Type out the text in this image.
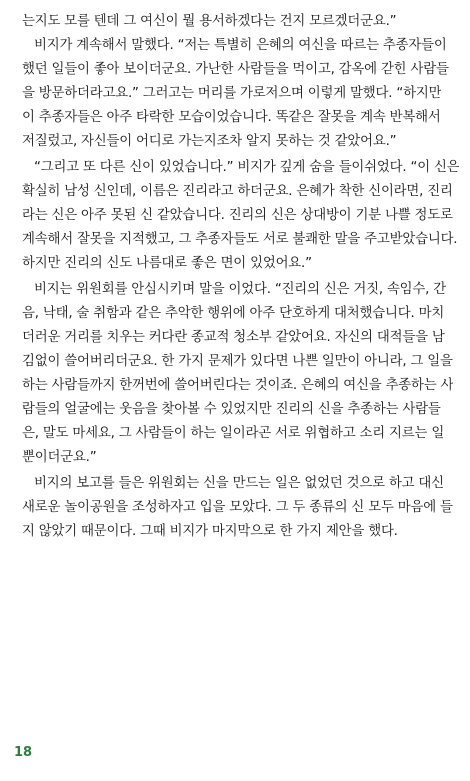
는지도 모를 텐데 그 여신이 뭘 용서하겠다는 건지 모르겠더군요.”
비지가 계속해서 말했다. “저는 특별히 은혜의 여신을 따르는 추종자들이
했던 일들이 좋아 보이더군요. 가난한 사람들을 먹이고, 감옥에 갇힌 사람들
을 방문하더라고요.” 그러고는 머리를 가로저으며 이렇게 말했다. “하지만
이 추종자들은 아주 타락한 모습이었습니다. 똑같은 잘못을 계속 반복해서
저질렀고, 자신들이 어디로 가는지조차 알지 못하는 것 같았어요.”
“그리고 또 다른 신이 있었습니다.” 비지가 깊게 숨을 들이쉬었다. “이 신은
확실히 남성 신인데, 이름은 진리라고 하더군요. 은혜가 착한 신이라면, 진리
라는 신은 아주 못된 신 같았습니다. 진리의 신은 상대방이 기분 나쁠 정도로
계속해서 잘못을 지적했고, 그 추종자들도 서로 불쾌한 말을 주고받았습니다.
하지만 진리의 신도 나름대로 좋은 면이 있었어요.”
비지는 위원회를 안심시키며 말을 이었다. “진리의 신은 거짓, 속임수, 간
음, 낙태, 술 취함과 같은 추악한 행위에 아주 단호하게 대처했습니다. 마치
더러운 거리를 치우는 커다란 종교적 청소부 같았어요. 자신의 대적들을 남
김없이 쓸어버리더군요. 한 가지 문제가 있다면 나쁜 일만이 아니라, 그 일을
하는 사람들까지 한꺼번에 쓸어버린다는 것이죠. 은혜의 여신을 추종하는 사
람들의 얼굴에는 웃음을 찾아볼 수 있었지만 진리의 신을 추종하는 사람들
은, 말도 마세요, 그 사람들이 하는 일이라곤 서로 위협하고 소리 지르는 일
뿐이더군요.”
비지의 보고를 들은 위원회는 신을 만드는 일은 없었던 것으로 하고 대신
새로운 놀이공원을 조성하자고 입을 모았다. 그 두 종류의 신 모두 마음에 들
지 않았기 때문이다. 그때 비지가 마지막으로 한 가지 제안을 했다.
18
